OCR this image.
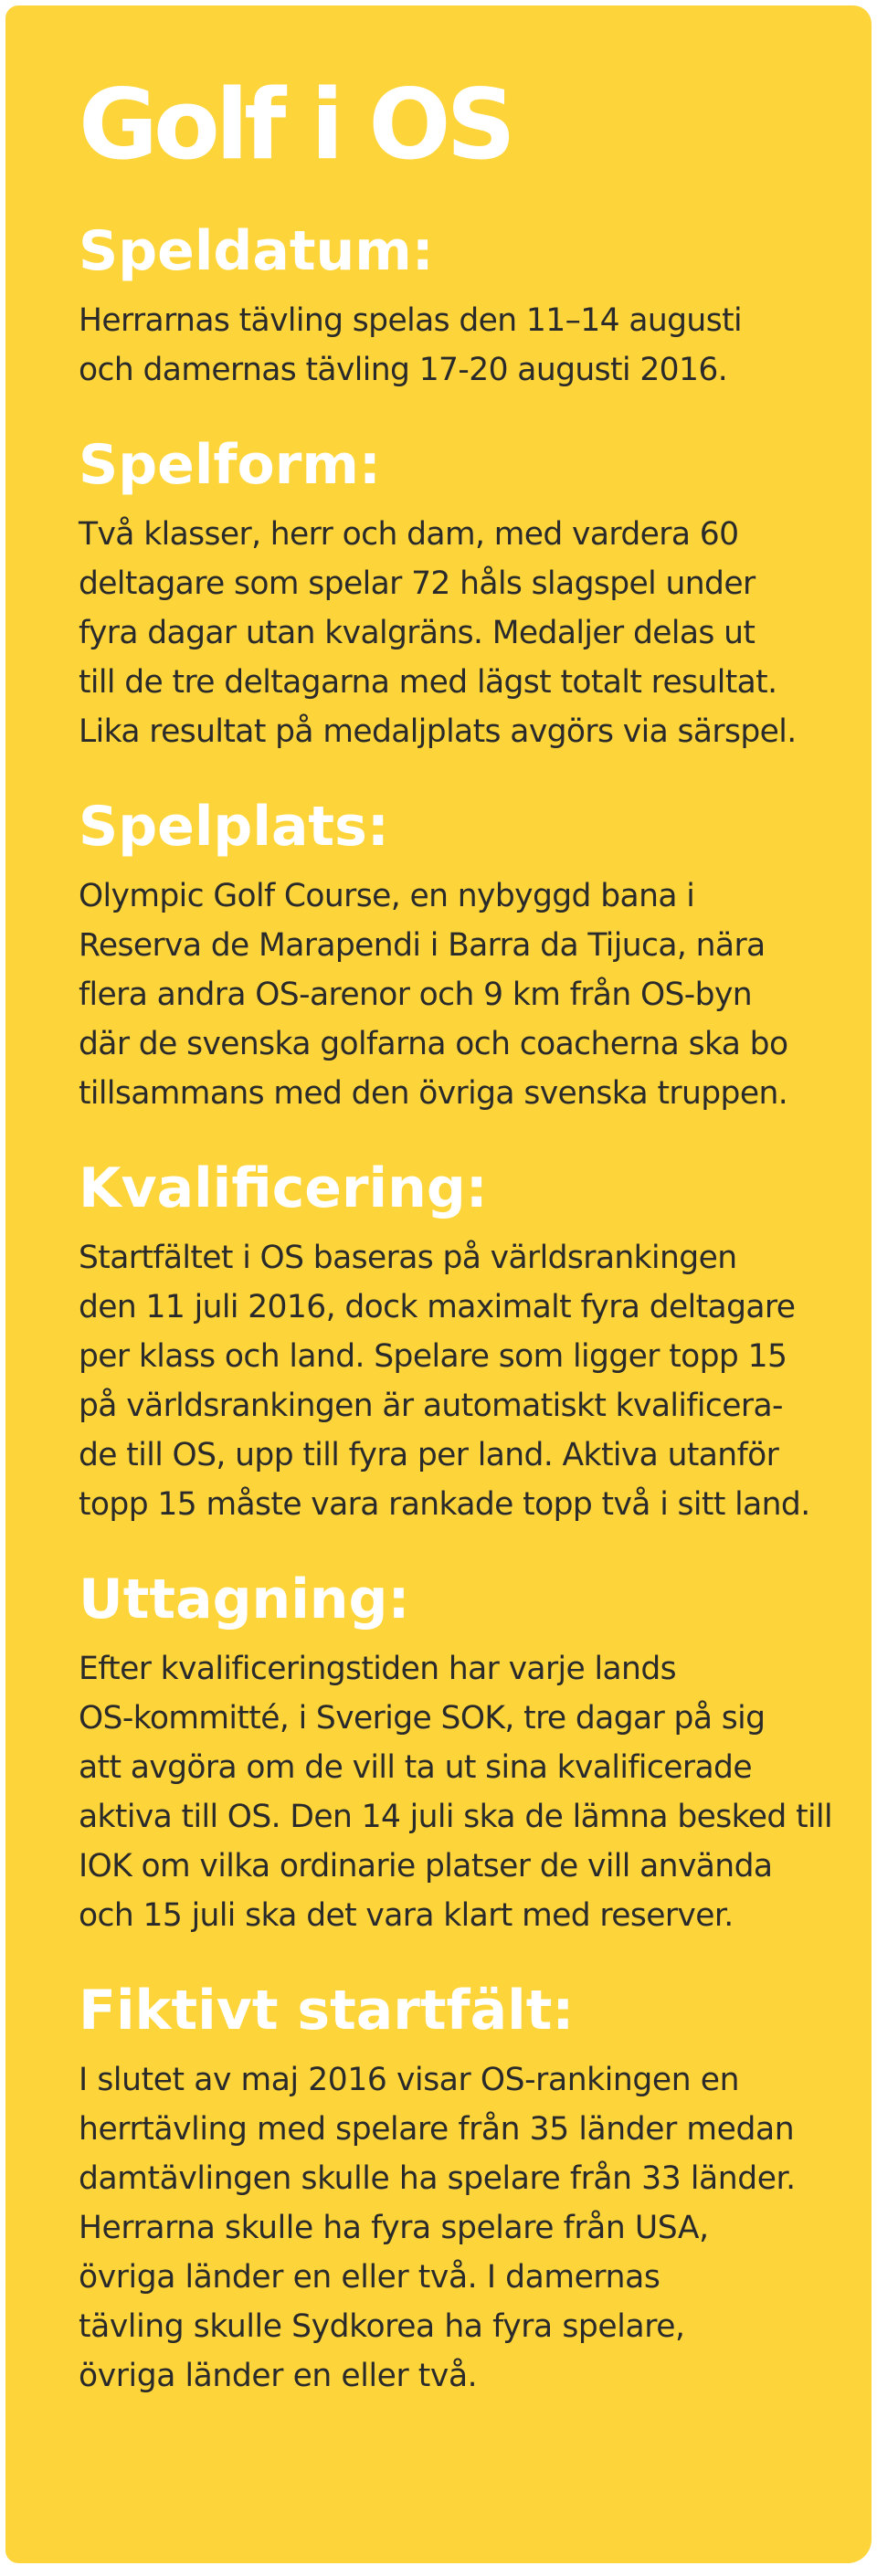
Golf i OS
Speldatum:

Herrarnas tävling spelas den 11–14 augusti
och damernas tävling 17-20 augusti 2016.

Spelform:

Två klasser, herr och dam, med vardera 60
deltagare som spelar 72 håls slagspel under
fyra dagar utan kvalgräns. Medaljer delas ut
till de tre deltagarna med lägst totalt resultat.
Lika resultat på medaljplats avgörs via särspel.

Spelplats:

Olympic Golf Course, en nybyggd bana i
Reserva de Marapendi i Barra da Tijuca, nära
flera andra OS-arenor och 9 km från OS-byn
där de svenska golfarna och coacherna ska bo
tillsammans med den övriga svenska truppen.

Kvalificering:

Startfältet i OS baseras på världsrankingen
den 11 juli 2016, dock maximalt fyra deltagare
per klass och land. Spelare som ligger topp 15
på världsrankingen är automatiskt kvalificera-
de till OS, upp till fyra per land. Aktiva utanför
topp 15 måste vara rankade topp två i sitt land.

Uttagning:

Efter kvalificeringstiden har varje lands
OS-kommitté, i Sverige SOK, tre dagar på sig
att avgöra om de vill ta ut sina kvalificerade
aktiva till OS. Den 14 juli ska de lämna besked till
IOK om vilka ordinarie platser de vill använda
och 15 juli ska det vara klart med reserver.

Fiktivt startfält:

I slutet av maj 2016 visar OS-rankingen en
herrtävling med spelare från 35 länder medan
damtävlingen skulle ha spelare från 33 länder.
Herrarna skulle ha fyra spelare från USA,
övriga länder en eller två. I damernas
tävling skulle Sydkorea ha fyra spelare,
övriga länder en eller två.
